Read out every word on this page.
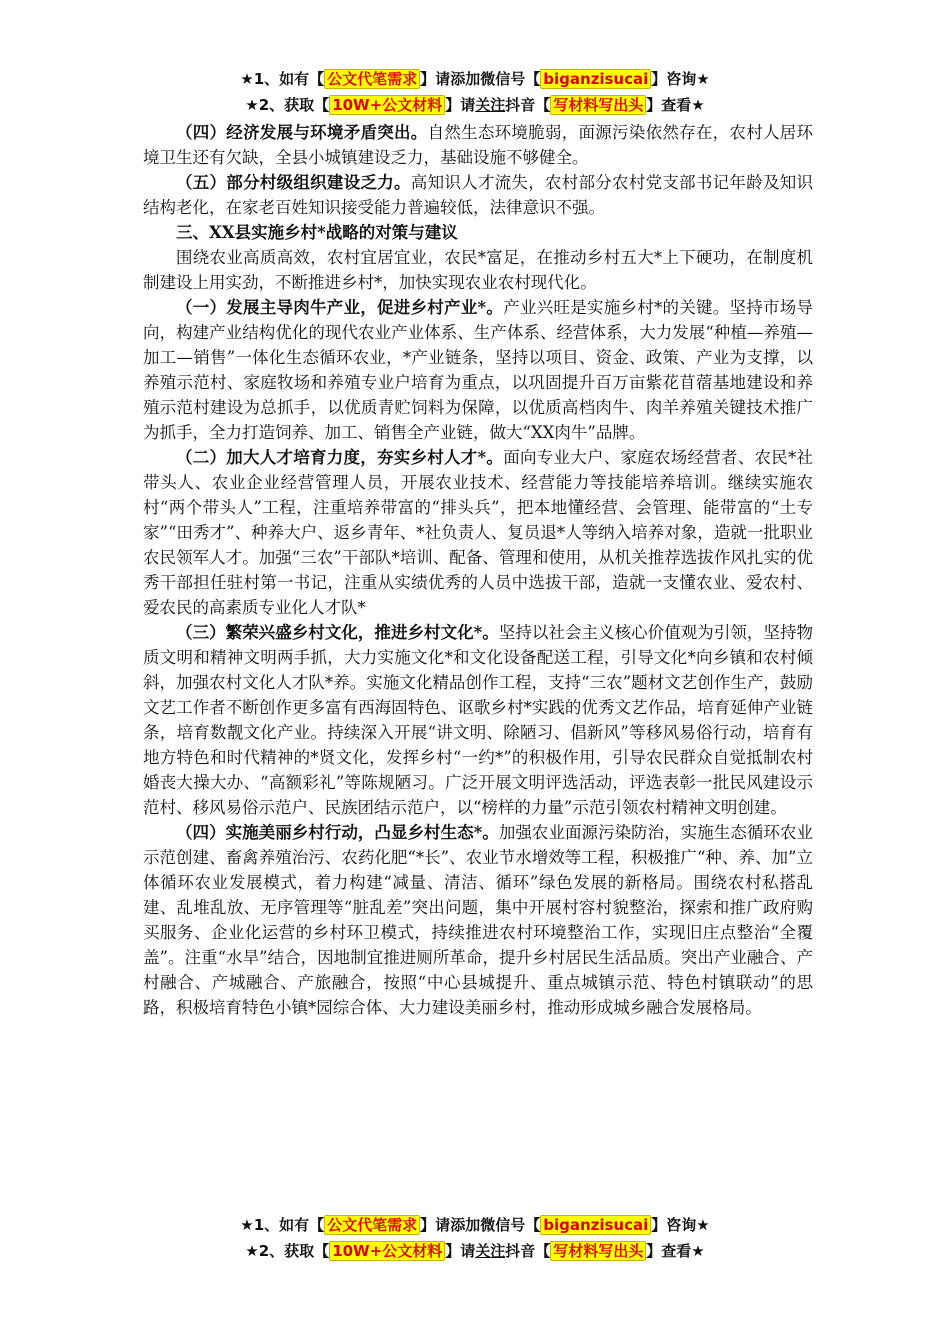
★1、如有【 公文代笔需求 】请添加微信号【 biganzisucai 】咨询★
★2、获取【 10W+公文材料 】请关注抖音【 写材料写出头 】查看★

（四）经济发展与环境矛盾突出。自然生态环境脆弱，面源污染依然存在，农村人居环境卫生还有欠缺，全县小城镇建设乏力，基础设施不够健全。

（五）部分村级组织建设乏力。高知识人才流失，农村部分农村党支部书记年龄及知识结构老化，在家老百姓知识接受能力普遍较低，法律意识不强。

三、XX县实施乡村*战略的对策与建议

围绕农业高质高效，农村宜居宜业，农民*富足，在推动乡村五大*上下硬功，在制度机制建设上用实劲，不断推进乡村*，加快实现农业农村现代化。

（一）发展主导肉牛产业，促进乡村产业*。产业兴旺是实施乡村*的关键。坚持市场导向，构建产业结构优化的现代农业产业体系、生产体系、经营体系，大力发展“种植—养殖—加工—销售”一体化生态循环农业，*产业链条，坚持以项目、资金、政策、产业为支撑，以养殖示范村、家庭牧场和养殖专业户培育为重点，以巩固提升百万亩紫花苜蓿基地建设和养殖示范村建设为总抓手，以优质青贮饲料为保障，以优质高档肉牛、肉羊养殖关键技术推广为抓手，全力打造饲养、加工、销售全产业链，做大“XX肉牛”品牌。

（二）加大人才培育力度，夯实乡村人才*。面向专业大户、家庭农场经营者、农民*社带头人、农业企业经营管理人员，开展农业技术、经营能力等技能培养培训。继续实施农村“两个带头人”工程，注重培养带富的“排头兵”，把本地懂经营、会管理、能带富的“土专家”“田秀才”、种养大户、返乡青年、*社负责人、复员退*人等纳入培养对象，造就一批职业农民领军人才。加强“三农”干部队*培训、配备、管理和使用，从机关推荐选拔作风扎实的优秀干部担任驻村第一书记，注重从实绩优秀的人员中选拔干部，造就一支懂农业、爱农村、爱农民的高素质专业化人才队*

（三）繁荣兴盛乡村文化，推进乡村文化*。坚持以社会主义核心价值观为引领，坚持物质文明和精神文明两手抓，大力实施文化*和文化设备配送工程，引导文化*向乡镇和农村倾斜，加强农村文化人才队*养。实施文化精品创作工程，支持“三农”题材文艺创作生产，鼓励文艺工作者不断创作更多富有西海固特色、讴歌乡村*实践的优秀文艺作品，培育延伸产业链条，培育数靓文化产业。持续深入开展“讲文明、除陋习、倡新风”等移风易俗行动，培育有地方特色和时代精神的*贤文化，发挥乡村“一约*”的积极作用，引导农民群众自觉抵制农村婚丧大操大办、“高额彩礼”等陈规陋习。广泛开展文明评选活动，评选表彰一批民风建设示范村、移风易俗示范户、民族团结示范户，以“榜样的力量”示范引领农村精神文明创建。

（四）实施美丽乡村行动，凸显乡村生态*。加强农业面源污染防治，实施生态循环农业示范创建、畜禽养殖治污、农药化肥“*长”、农业节水增效等工程，积极推广“种、养、加”立体循环农业发展模式，着力构建“减量、清洁、循环”绿色发展的新格局。围绕农村私搭乱建、乱堆乱放、无序管理等“脏乱差”突出问题，集中开展村容村貌整治，探索和推广政府购买服务、企业化运营的乡村环卫模式，持续推进农村环境整治工作，实现旧庄点整治“全覆盖”。注重“水旱”结合，因地制宜推进厕所革命，提升乡村居民生活品质。突出产业融合、产村融合、产城融合、产旅融合，按照“中心县城提升、重点城镇示范、特色村镇联动”的思路，积极培育特色小镇*园综合体、大力建设美丽乡村，推动形成城乡融合发展格局。

★1、如有【 公文代笔需求 】请添加微信号【 biganzisucai 】咨询★
★2、获取【 10W+公文材料 】请关注抖音【 写材料写出头 】查看★
